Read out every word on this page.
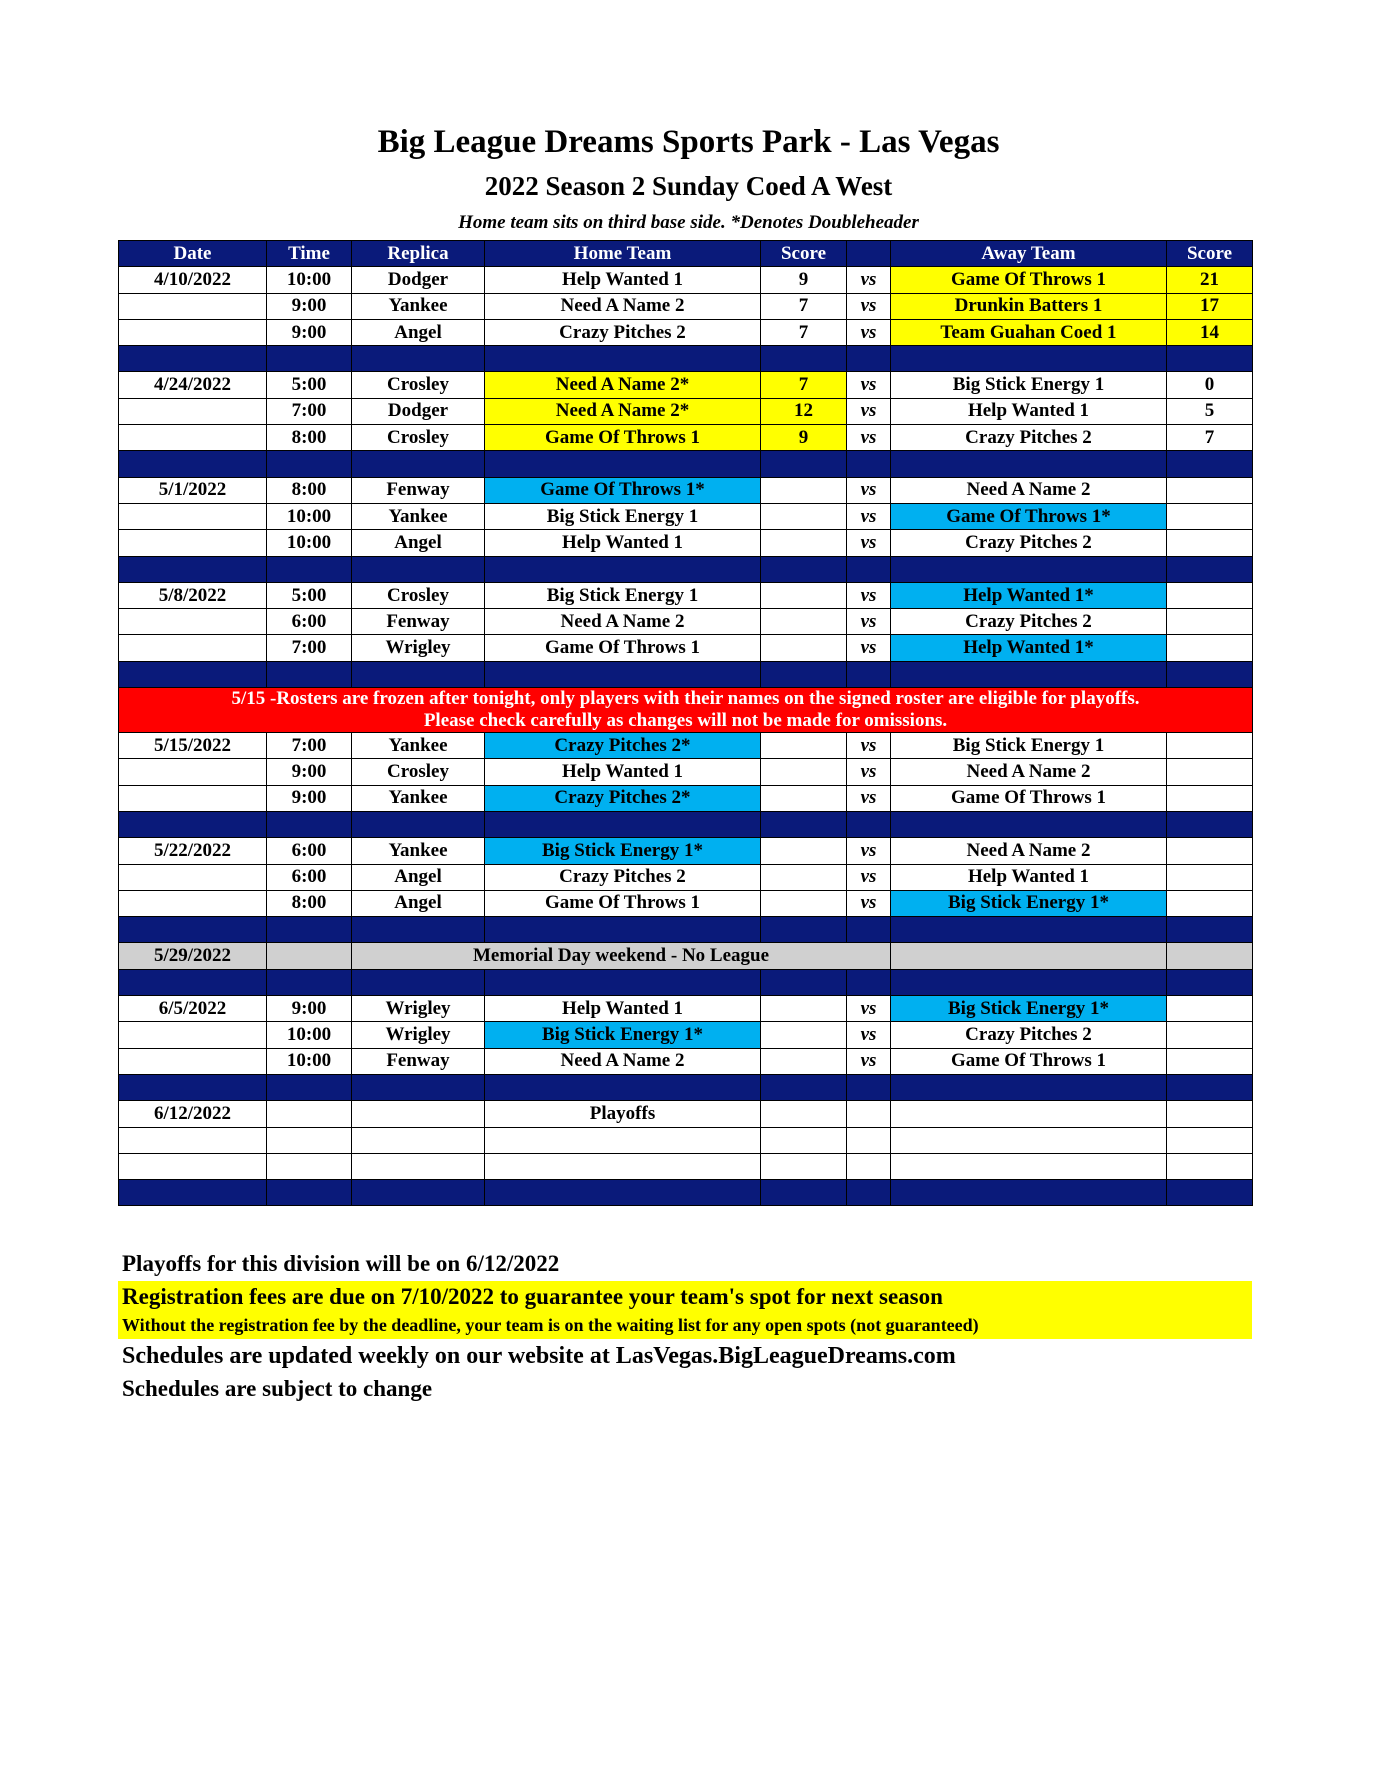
Big League Dreams Sports Park - Las Vegas
2022 Season 2 Sunday Coed A West
Home team sits on third base side. *Denotes Doubleheader
Date	Time	Replica	Home Team	Score		Away Team	Score
4/10/2022	10:00	Dodger	Help Wanted 1	9	vs	Game Of Throws 1	21
	9:00	Yankee	Need A Name 2	7	vs	Drunkin Batters 1	17
	9:00	Angel	Crazy Pitches 2	7	vs	Team Guahan Coed 1	14

4/24/2022	5:00	Crosley	Need A Name 2*	7	vs	Big Stick Energy 1	0
	7:00	Dodger	Need A Name 2*	12	vs	Help Wanted 1	5
	8:00	Crosley	Game Of Throws 1	9	vs	Crazy Pitches 2	7

5/1/2022	8:00	Fenway	Game Of Throws 1*		vs	Need A Name 2	
	10:00	Yankee	Big Stick Energy 1		vs	Game Of Throws 1*	
	10:00	Angel	Help Wanted 1		vs	Crazy Pitches 2	

5/8/2022	5:00	Crosley	Big Stick Energy 1		vs	Help Wanted 1*	
	6:00	Fenway	Need A Name 2		vs	Crazy Pitches 2	
	7:00	Wrigley	Game Of Throws 1		vs	Help Wanted 1*	

5/15 -Rosters are frozen after tonight, only players with their names on the signed roster are eligible for playoffs.
Please check carefully as changes will not be made for omissions.							

5/15/2022	7:00	Yankee	Crazy Pitches 2*		vs	Big Stick Energy 1	
	9:00	Crosley	Help Wanted 1		vs	Need A Name 2	
	9:00	Yankee	Crazy Pitches 2*		vs	Game Of Throws 1	

5/22/2022	6:00	Yankee	Big Stick Energy 1*		vs	Need A Name 2	
	6:00	Angel	Crazy Pitches 2		vs	Help Wanted 1	
	8:00	Angel	Game Of Throws 1		vs	Big Stick Energy 1*	

5/29/2022		Memorial Day weekend - No League					

6/5/2022	9:00	Wrigley	Help Wanted 1		vs	Big Stick Energy 1*	
	10:00	Wrigley	Big Stick Energy 1*		vs	Crazy Pitches 2	
	10:00	Fenway	Need A Name 2		vs	Game Of Throws 1	

6/12/2022			Playoffs				

Playoffs for this division will be on 6/12/2022
Registration fees are due on 7/10/2022 to guarantee your team's spot for next season
Without the registration fee by the deadline, your team is on the waiting list for any open spots (not guaranteed)
Schedules are updated weekly on our website at LasVegas.BigLeagueDreams.com
Schedules are subject to change
